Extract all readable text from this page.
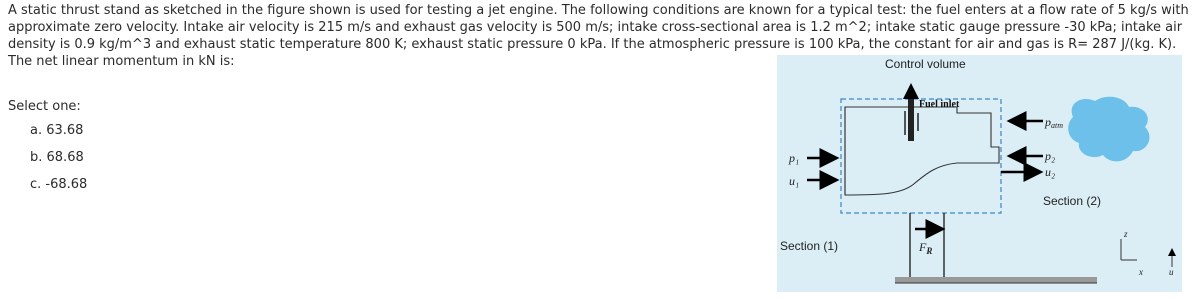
A static thrust stand as sketched in the figure shown is used for testing a jet engine. The following conditions are known for a typical test: the fuel enters at a flow rate of 5 kg/s with approximate zero velocity. Intake air velocity is 215 m/s and exhaust gas velocity is 500 m/s; intake cross-sectional area is 1.2 m^2; intake static gauge pressure -30 kPa; intake air density is 0.9 kg/m^3 and exhaust static temperature 800 K; exhaust static pressure 0 kPa. If the atmospheric pressure is 100 kPa, the constant for air and gas is R= 287 J/(kg. K). The net linear momentum in kN is:

Select one:

a. 63.68
b. 68.68
c. -68.68
Control volume
Fuel inlet
p₁
u₁
patm
p₂
u₂
Section (2)
Section (1)	$F_R$
z
x	u
